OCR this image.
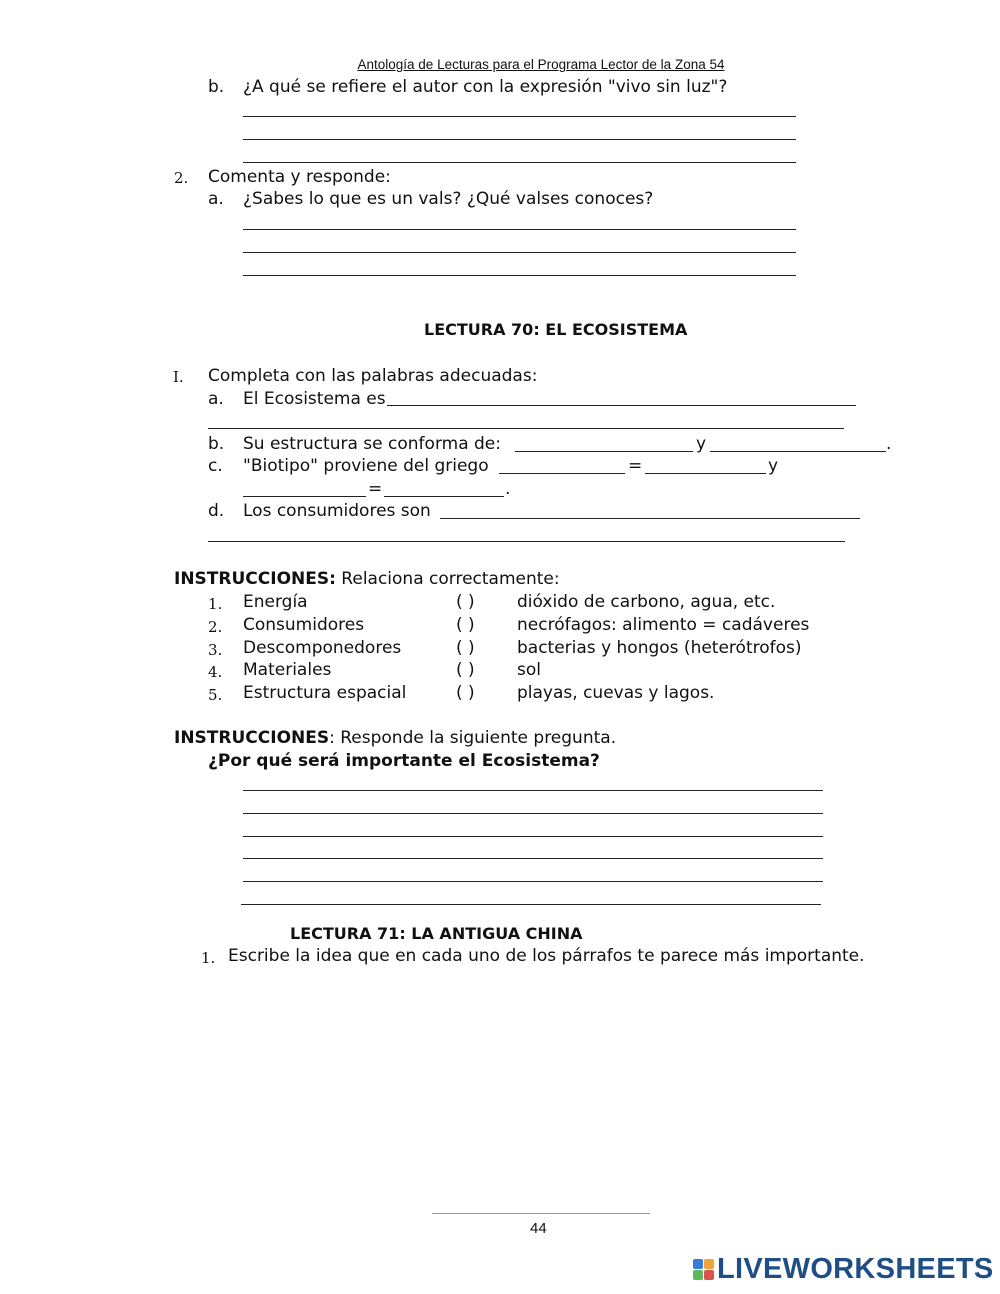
Antología de Lecturas para el Programa Lector de la Zona 54
b. ¿A qué se refiere el autor con la expresión "vivo sin luz"?
2. Comenta y responde:
a. ¿Sabes lo que es un vals? ¿Qué valses conoces?
LECTURA 70: EL ECOSISTEMA
I. Completa con las palabras adecuadas:
a. El Ecosistema es
b. Su estructura se conforma de:	y	.
c. "Biotipo" proviene del griego	=	y
=	.
d. Los consumidores son
INSTRUCCIONES: Relaciona correctamente:
1. Energía	( ) dióxido de carbono, agua, etc.
2. Consumidores	( ) necrófagos: alimento = cadáveres
3. Descomponedores	( ) bacterias y hongos (heterótrofos)
4. Materiales	( ) sol
5. Estructura espacial	( ) playas, cuevas y lagos.
INSTRUCCIONES: Responde la siguiente pregunta.
¿Por qué será importante el Ecosistema?
LECTURA 71: LA ANTIGUA CHINA
1. Escribe la idea que en cada uno de los párrafos te parece más importante.
44
LIVEWORKSHEETS
